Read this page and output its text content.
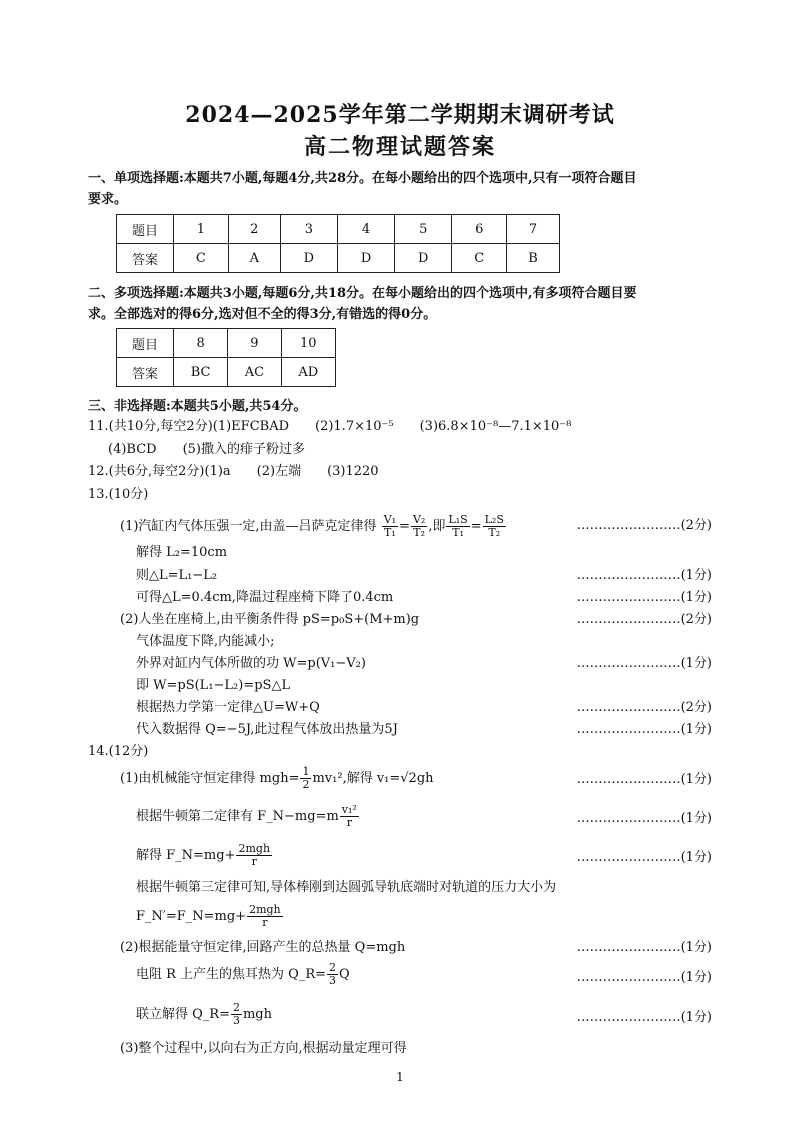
2024—2025学年第二学期期末调研考试
高二物理试题答案
一、单项选择题:本题共7小题,每题4分,共28分。在每小题给出的四个选项中,只有一项符合题目
要求。
题目	1	2	3	4	5	6	7
答案	C	A	D	D	D	C	B
二、多项选择题:本题共3小题,每题6分,共18分。在每小题给出的四个选项中,有多项符合题目要
求。全部选对的得6分,选对但不全的得3分,有错选的得0分。
题目	8	9	10
答案	BC	AC	AD
三、非选择题:本题共5小题,共54分。
11.(共10分,每空2分)(1)EFCBAD　　(2)1.7×10⁻⁵　　(3)6.8×10⁻⁸—7.1×10⁻⁸
(4)BCD　　(5)撒入的痱子粉过多
12.(共6分,每空2分)(1)a　　(2)左端　　(3)1220
13.(10分)
(1)汽缸内气体压强一定,由盖—吕萨克定律得 $\frac{\text{V₁}}{\text{T₁}} = \frac{\text{V₂}}{\text{T₂}}$ ,即 $\frac{\text{L₁S}}{\text{T₁}} = \frac{\text{L₂S}}{\text{T₂}}$	……………………(2分)
解得 L₂=10cm
则△L=L₁−L₂	……………………(1分)
可得△L=0.4cm,降温过程座椅下降了0.4cm	……………………(1分)
(2)人坐在座椅上,由平衡条件得 pS=p₀S+(M+m)g	……………………(2分)
气体温度下降,内能减小;
外界对缸内气体所做的功 W=p(V₁−V₂)	……………………(1分)
即 W=pS(L₁−L₂)=pS△L
根据热力学第一定律△U=W+Q	……………………(2分)
代入数据得 Q=−5J,此过程气体放出热量为5J	……………………(1分)
14.(12分)
(1)由机械能守恒定律得 $mgh= \frac{1}{2} mv_1^2$,解得 v₁=√2gh	……………………(1分)
根据牛顿第二定律有 F_N−mg=m $\frac{\text{v₁²}}{r}$	……………………(1分)
解得 F_N=mg+ $\frac{\text{2mgh}}{r}$	……………………(1分)
根据牛顿第三定律可知,导体棒刚到达圆弧导轨底端时对轨道的压力大小为
F_N′=F_N=mg+ $\frac{\text{2mgh}}{r}$
(2)根据能量守恒定律,回路产生的总热量 Q=mgh	……………………(1分)
电阻 R 上产生的焦耳热为 Q_R= $\frac{2}{3}$ Q	……………………(1分)
联立解得 Q_R= $\frac{2}{3}$ mgh	……………………(1分)
(3)整个过程中,以向右为正方向,根据动量定理可得
1
